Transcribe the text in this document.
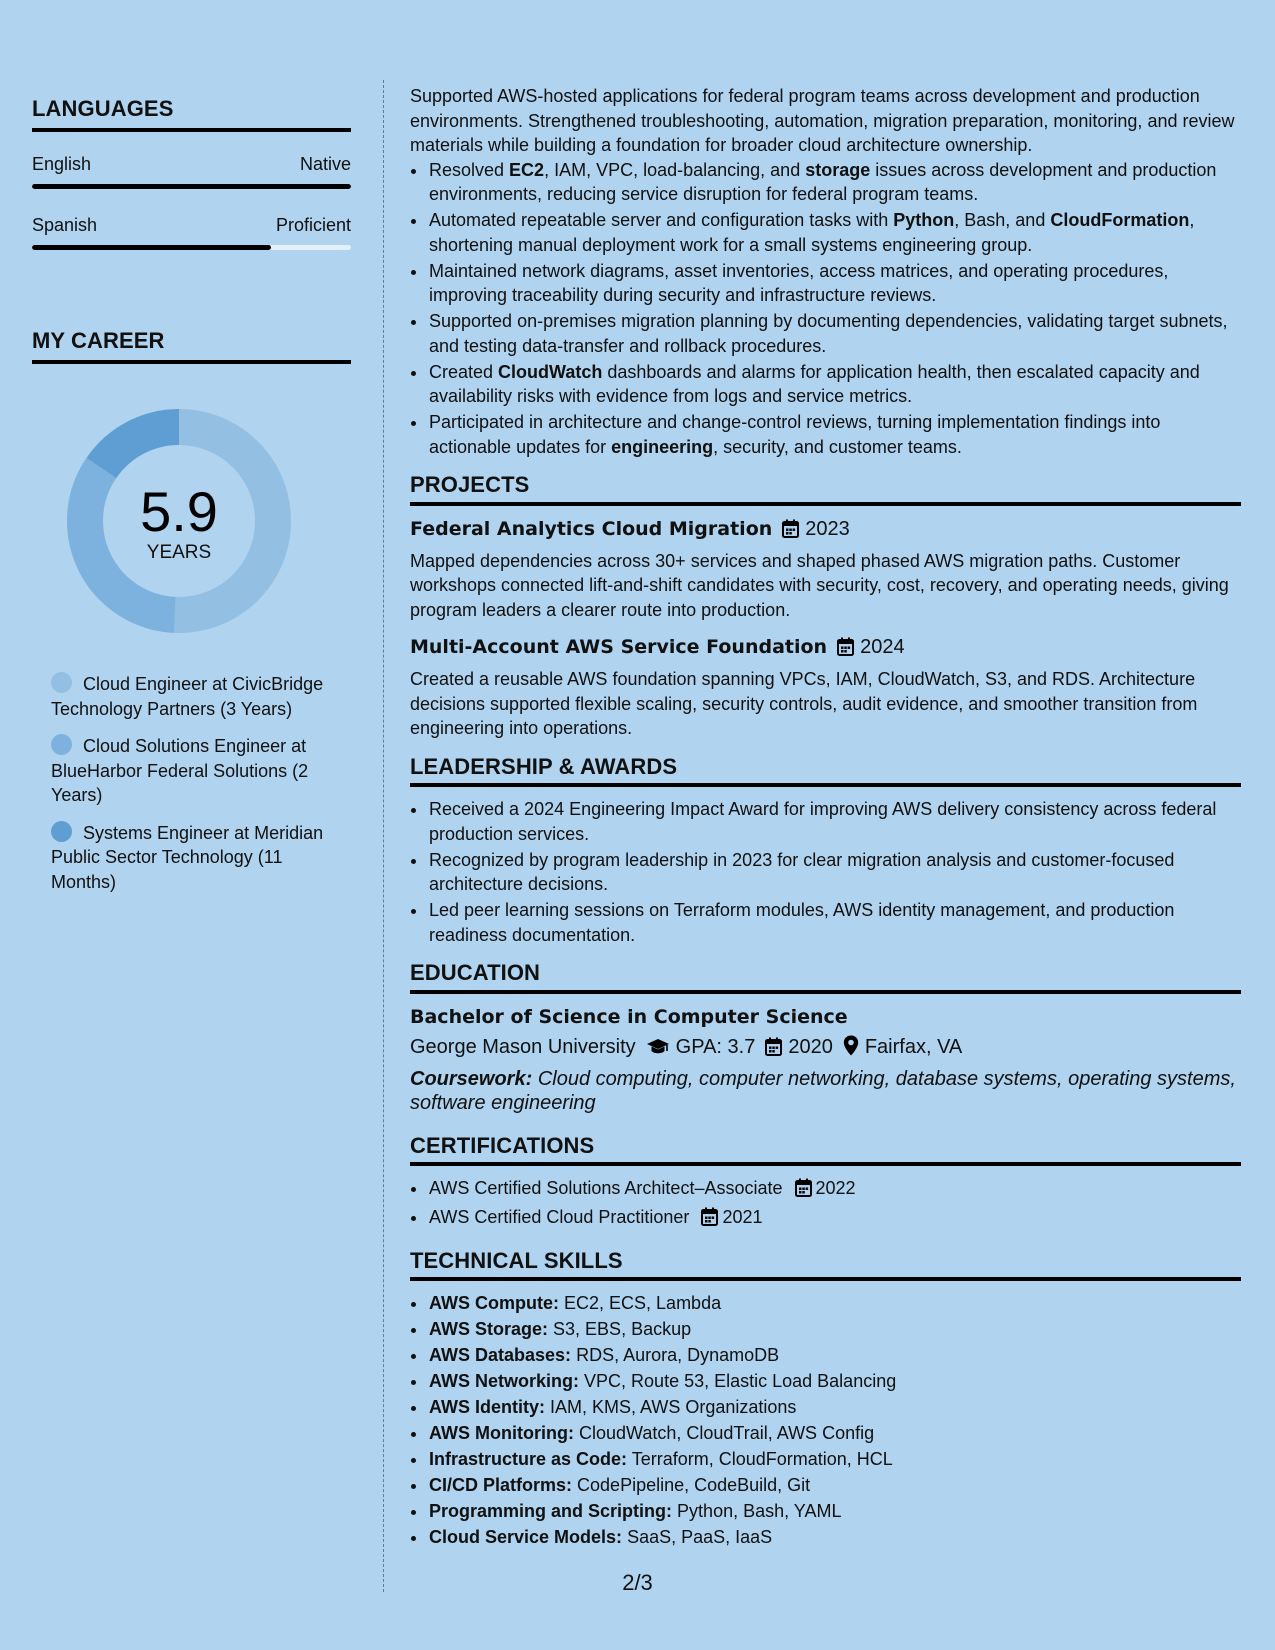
LANGUAGES
English	Native
Spanish	Proficient
MY CAREER
5.9
YEARS
Cloud Engineer at CivicBridge Technology Partners (3 Years)
Cloud Solutions Engineer at BlueHarbor Federal Solutions (2 Years)
Systems Engineer at Meridian Public Sector Technology (11 Months)

Supported AWS-hosted applications for federal program teams across development and production environments. Strengthened troubleshooting, automation, migration preparation, monitoring, and review materials while building a foundation for broader cloud architecture ownership.

• Resolved EC2, IAM, VPC, load-balancing, and storage issues across development and production environments, reducing service disruption for federal program teams.
• Automated repeatable server and configuration tasks with Python, Bash, and CloudFormation, shortening manual deployment work for a small systems engineering group.
• Maintained network diagrams, asset inventories, access matrices, and operating procedures, improving traceability during security and infrastructure reviews.
• Supported on-premises migration planning by documenting dependencies, validating target subnets, and testing data-transfer and rollback procedures.
• Created CloudWatch dashboards and alarms for application health, then escalated capacity and availability risks with evidence from logs and service metrics.
• Participated in architecture and change-control reviews, turning implementation findings into actionable updates for engineering, security, and customer teams.
PROJECTS
Federal Analytics Cloud Migration 2023
Mapped dependencies across 30+ services and shaped phased AWS migration paths. Customer workshops connected lift-and-shift candidates with security, cost, recovery, and operating needs, giving program leaders a clearer route into production.
Multi-Account AWS Service Foundation 2024
Created a reusable AWS foundation spanning VPCs, IAM, CloudWatch, S3, and RDS. Architecture decisions supported flexible scaling, security controls, audit evidence, and smoother transition from engineering into operations.
LEADERSHIP & AWARDS
• Received a 2024 Engineering Impact Award for improving AWS delivery consistency across federal production services.
• Recognized by program leadership in 2023 for clear migration analysis and customer-focused architecture decisions.
• Led peer learning sessions on Terraform modules, AWS identity management, and production readiness documentation.
EDUCATION
Bachelor of Science in Computer Science
George Mason University GPA: 3.7 2020 Fairfax, VA
Coursework: Cloud computing, computer networking, database systems, operating systems, software engineering
CERTIFICATIONS
• AWS Certified Solutions Architect–Associate 2022
• AWS Certified Cloud Practitioner 2021
TECHNICAL SKILLS
• AWS Compute: EC2, ECS, Lambda
• AWS Storage: S3, EBS, Backup
• AWS Databases: RDS, Aurora, DynamoDB
• AWS Networking: VPC, Route 53, Elastic Load Balancing
• AWS Identity: IAM, KMS, AWS Organizations
• AWS Monitoring: CloudWatch, CloudTrail, AWS Config
• Infrastructure as Code: Terraform, CloudFormation, HCL
• CI/CD Platforms: CodePipeline, CodeBuild, Git
• Programming and Scripting: Python, Bash, YAML
• Cloud Service Models: SaaS, PaaS, IaaS
2/3
